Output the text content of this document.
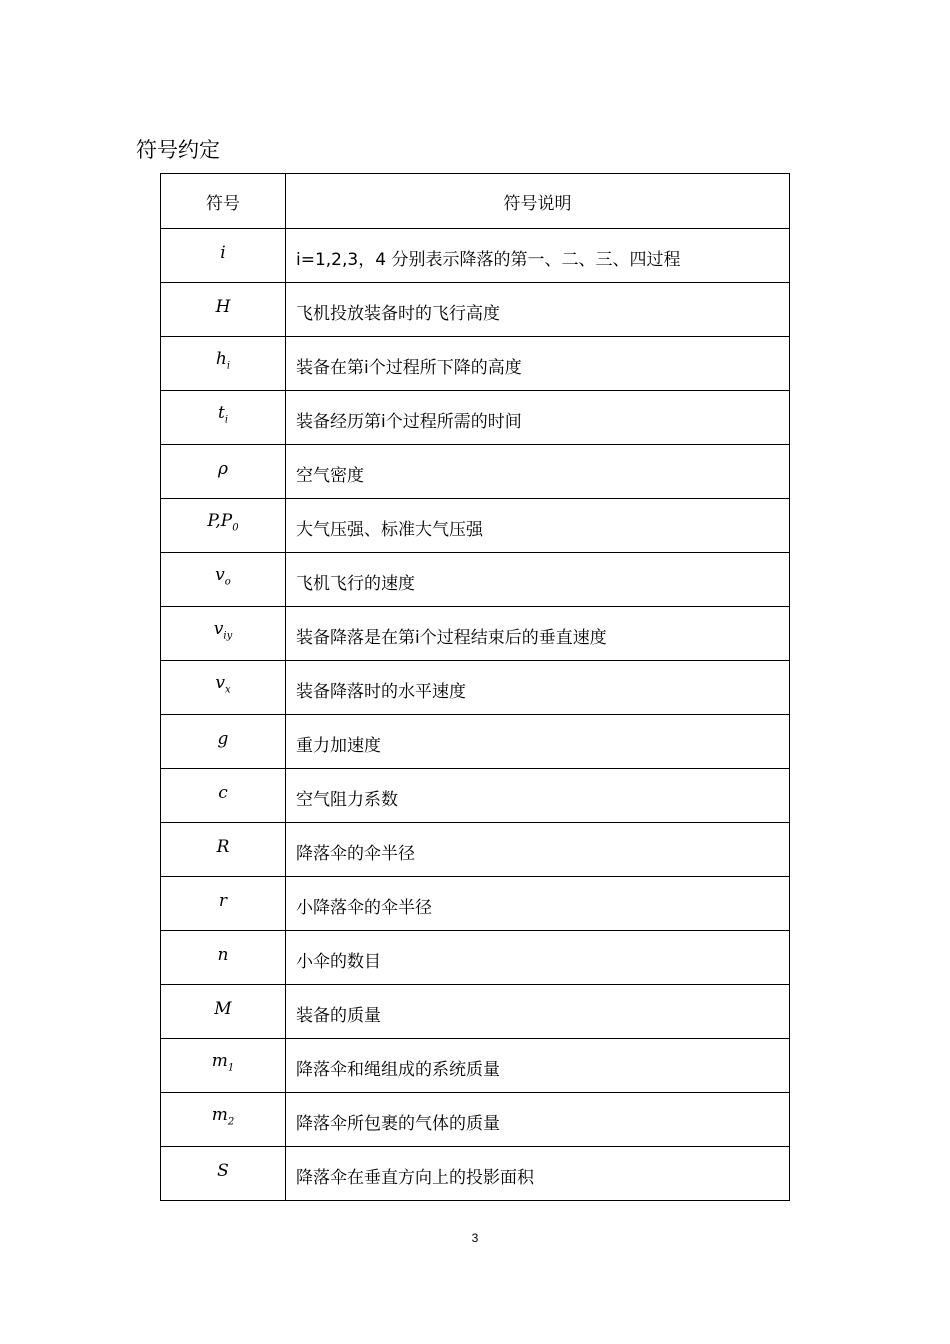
符号约定
符号	符号说明
i	i=1,2,3，4 分别表示降落的第一、二、三、四过程
H	飞机投放装备时的飞行高度
$h_i$	装备在第i个过程所下降的高度
$t_i$	装备经历第i个过程所需的时间
ρ	空气密度
$P,P_0$	大气压强、标准大气压强
$v_o$	飞机飞行的速度
$v_{iy}$	装备降落是在第i个过程结束后的垂直速度
$v_x$	装备降落时的水平速度
g	重力加速度
c	空气阻力系数
R	降落伞的伞半径
r	小降落伞的伞半径
n	小伞的数目
M	装备的质量
$m_1$	降落伞和绳组成的系统质量
$m_2$	降落伞所包裹的气体的质量
S	降落伞在垂直方向上的投影面积
3
